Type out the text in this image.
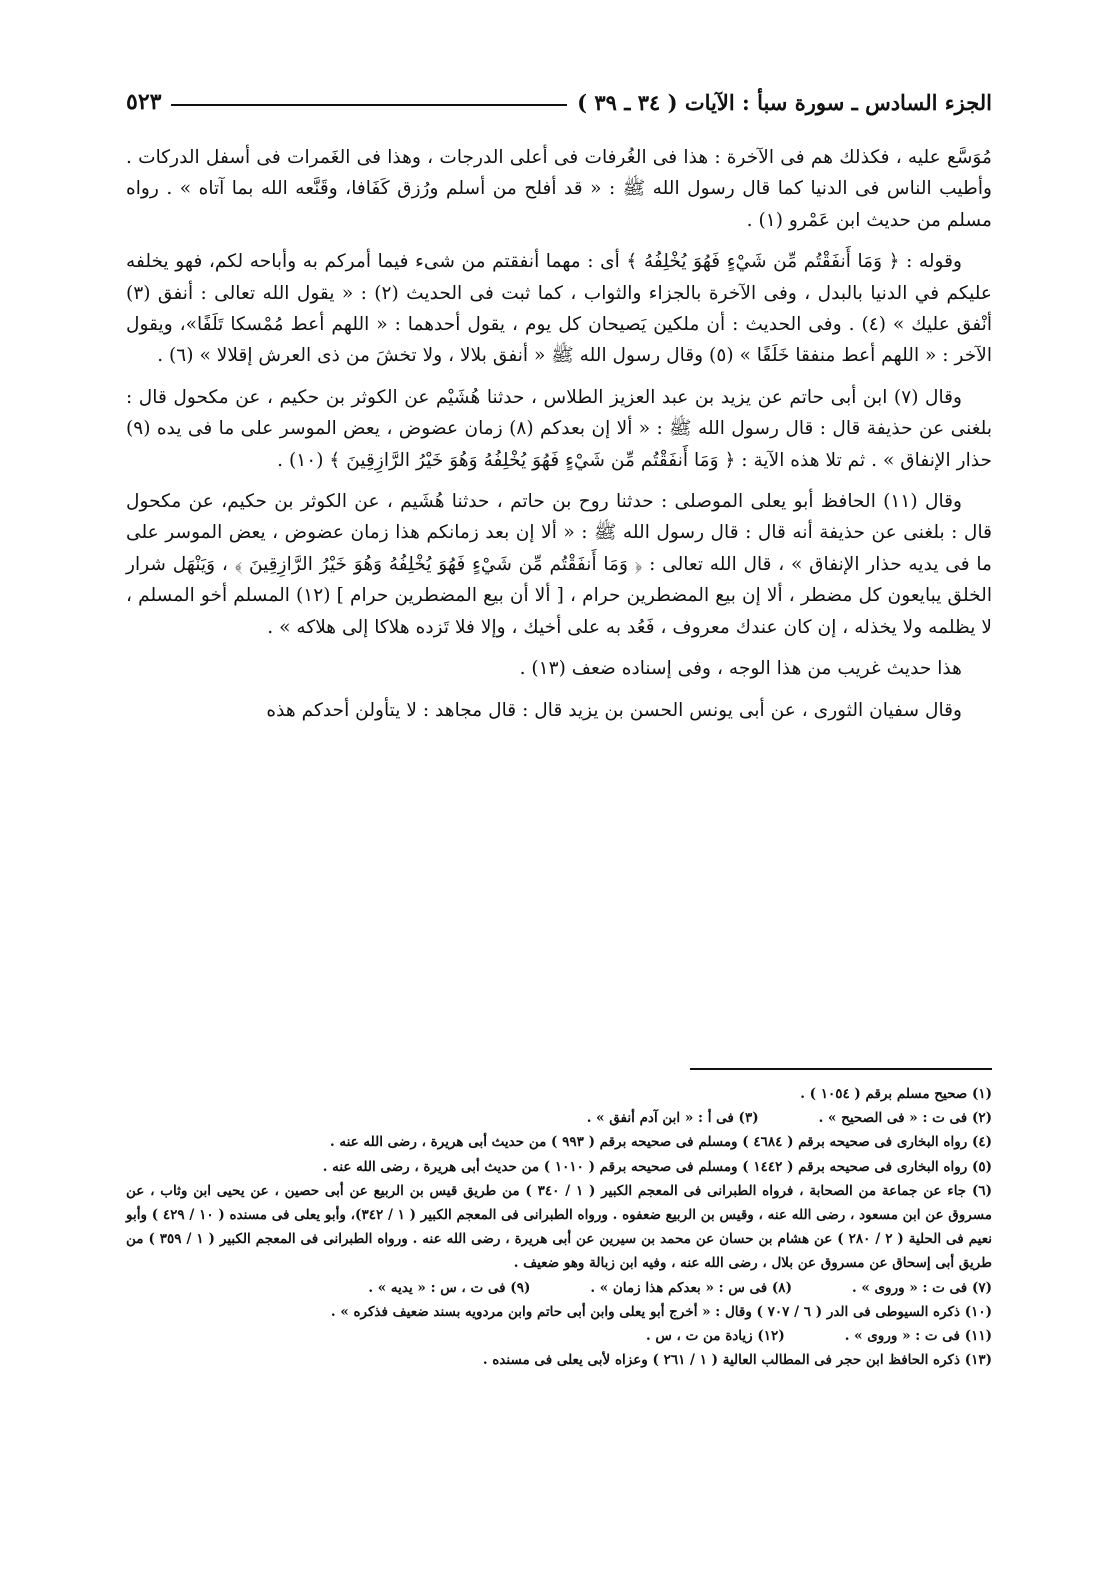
الجزء السادس ـ سورة سبأ : الآيات ( ٣٤ ـ ٣٩ )
٥٢٣

مُوَسَّع عليه ، فكذلك هم فى الآخرة : هذا فى الغُرفات فى أعلى الدرجات ، وهذا فى الغَمرات فى أسفل الدركات . وأطيب الناس فى الدنيا كما قال رسول الله ﷺ : « قد أفلح من أسلم ورُزق كَفَافا، وقَنَّعه الله بما آتاه » . رواه مسلم من حديث ابن عَمْرو (١) .

وقوله : ﴿ وَمَا أَنفَقْتُم مِّن شَيْءٍ فَهُوَ يُخْلِفُهُ ﴾ أى : مهما أنفقتم من شىء فيما أمركم به وأباحه لكم، فهو يخلفه عليكم في الدنيا بالبدل ، وفى الآخرة بالجزاء والثواب ، كما ثبت فى الحديث (٢) : « يقول الله تعالى : أنفق (٣) أنْفق عليك » (٤) . وفى الحديث : أن ملكين يَصيحان كل يوم ، يقول أحدهما : « اللهم أعط مُمْسكا تَلَفًا»، ويقول الآخر : « اللهم أعط منفقا خَلَفًا » (٥) وقال رسول الله ﷺ « أنفق بلالا ، ولا تخشَ من ذى العرش إقلالا » (٦) .

وقال (٧) ابن أبى حاتم عن يزيد بن عبد العزيز الطلاس ، حدثنا هُشَيْم عن الكوثر بن حكيم ، عن مكحول قال : بلغنى عن حذيفة قال : قال رسول الله ﷺ : « ألا إن بعدكم (٨) زمان عضوض ، يعض الموسر على ما فى يده (٩) حذار الإنفاق » . ثم تلا هذه الآية : ﴿ وَمَا أَنفَقْتُم مِّن شَيْءٍ فَهُوَ يُخْلِفُهُ وَهُوَ خَيْرُ الرَّازِقِينَ ﴾ (١٠) .

وقال (١١) الحافظ أبو يعلى الموصلى : حدثنا روح بن حاتم ، حدثنا هُشَيم ، عن الكوثر بن حكيم، عن مكحول قال : بلغنى عن حذيفة أنه قال : قال رسول الله ﷺ : « ألا إن بعد زمانكم هذا زمان عضوض ، يعض الموسر على ما فى يديه حذار الإنفاق » ، قال الله تعالى : ﴿ وَمَا أَنفَقْتُم مِّن شَيْءٍ فَهُوَ يُخْلِفُهُ وَهُوَ خَيْرُ الرَّازِقِينَ ﴾ ، وَيَنْهَل شرار الخلق يبايعون كل مضطر ، ألا إن بيع المضطرين حرام ، [ ألا أن بيع المضطرين حرام ] (١٢) المسلم أخو المسلم ، لا يظلمه ولا يخذله ، إن كان عندك معروف ، فَعُد به على أخيك ، وإلا فلا تَزده هلاكا إلى هلاكه » .

هذا حديث غريب من هذا الوجه ، وفى إسناده ضعف (١٣) .

وقال سفيان الثورى ، عن أبى يونس الحسن بن يزيد قال : قال مجاهد : لا يتأولن أحدكم هذه

(١) صحيح مسلم برقم ( ١٠٥٤ ) .

(٢) فى ت : « فى الصحيح » .
(٣) فى أ : « ابن آدم أنفق » .

(٤) رواه البخارى فى صحيحه برقم ( ٤٦٨٤ ) ومسلم فى صحيحه برقم ( ٩٩٣ ) من حديث أبى هريرة ، رضى الله عنه .

(٥) رواه البخارى فى صحيحه برقم ( ١٤٤٢ ) ومسلم فى صحيحه برقم ( ١٠١٠ ) من حديث أبى هريرة ، رضى الله عنه .

(٦) جاء عن جماعة من الصحابة ، فرواه الطبرانى فى المعجم الكبير ( ١ / ٣٤٠ ) من طريق قيس بن الربيع عن أبى حصين ، عن يحيى ابن وثاب ، عن مسروق عن ابن مسعود ، رضى الله عنه ، وقيس بن الربيع ضعفوه . ورواه الطبرانى فى المعجم الكبير ( ١ / ٣٤٢)، وأبو يعلى فى مسنده ( ١٠ / ٤٢٩ ) وأبو نعيم فى الحلية ( ٢ / ٢٨٠ ) عن هشام بن حسان عن محمد بن سيرين عن أبى هريرة ، رضى الله عنه . ورواه الطبرانى فى المعجم الكبير ( ١ / ٣٥٩ ) من طريق أبى إسحاق عن مسروق عن بلال ، رضى الله عنه ، وفيه ابن زبالة وهو ضعيف .

(٧) فى ت : « وروى » .
(٨) فى س : « بعدكم هذا زمان » .
(٩) فى ت ، س : « يديه » .

(١٠) ذكره السيوطى فى الدر ( ٦ / ٧٠٧ ) وقال : « أخرج أبو يعلى وابن أبى حاتم وابن مردويه بسند ضعيف فذكره » .

(١١) فى ت : « وروى » .
(١٢) زيادة من ت ، س .

(١٣) ذكره الحافظ ابن حجر فى المطالب العالية ( ١ / ٢٦١ ) وعزاه لأبى يعلى فى مسنده .
